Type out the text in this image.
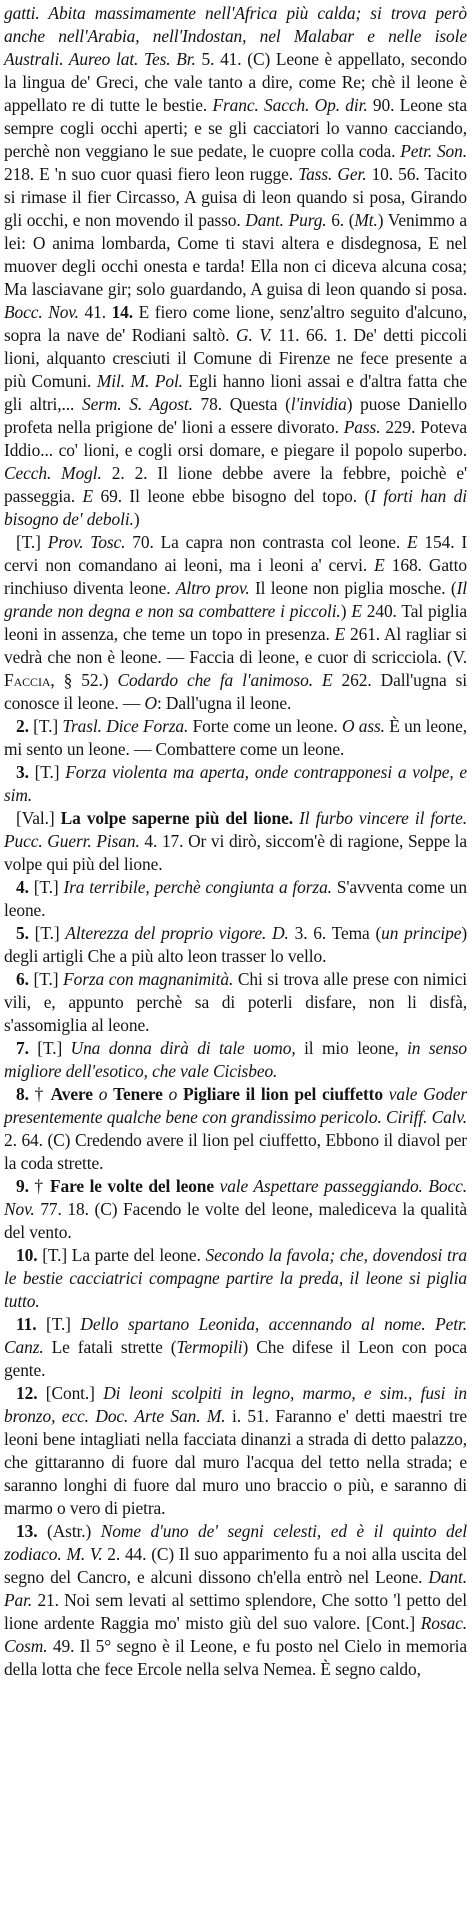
gatti. Abita massimamente nell'Africa più calda; si trova però anche nell'Arabia, nell'Indostan, nel Malabar e nelle isole Australi. Aureo lat. Tes. Br. 5. 41. (C) Leone è appellato, secondo la lingua de' Greci, che vale tanto a dire, come Re; chè il leone è appellato re di tutte le bestie. Franc. Sacch. Op. dir. 90. Leone sta sempre cogli occhi aperti; e se gli cacciatori lo vanno cacciando, perchè non veggiano le sue pedate, le cuopre colla coda. Petr. Son. 218. E 'n suo cuor quasi fiero leon rugge. Tass. Ger. 10. 56. Tacito si rimase il fier Circasso, A guisa di leon quando si posa, Girando gli occhi, e non movendo il passo. Dant. Purg. 6. (Mt.) Venimmo a lei: O anima lombarda, Come ti stavi altera e disdegnosa, E nel muover degli occhi onesta e tarda! Ella non ci diceva alcuna cosa; Ma lasciavane gir; solo guardando, A guisa di leon quando si posa. Bocc. Nov. 41. 14. E fiero come lione, senz'altro seguito d'alcuno, sopra la nave de' Rodiani saltò. G. V. 11. 66. 1. De' detti piccoli lioni, alquanto cresciuti il Comune di Firenze ne fece presente a più Comuni. Mil. M. Pol. Egli hanno lioni assai e d'altra fatta che gli altri,... Serm. S. Agost. 78. Questa (l'invidia) puose Daniello profeta nella prigione de' lioni a essere divorato. Pass. 229. Poteva Iddio... co' lioni, e cogli orsi domare, e piegare il popolo superbo. Cecch. Mogl. 2. 2. Il lione debbe avere la febbre, poichè e' passeggia. E 69. Il leone ebbe bisogno del topo. (I forti han di bisogno de' deboli.)

[T.] Prov. Tosc. 70. La capra non contrasta col leone. E 154. I cervi non comandano ai leoni, ma i leoni a' cervi. E 168. Gatto rinchiuso diventa leone. Altro prov. Il leone non piglia mosche. (Il grande non degna e non sa combattere i piccoli.) E 240. Tal piglia leoni in assenza, che teme un topo in presenza. E 261. Al ragliar si vedrà che non è leone. — Faccia di leone, e cuor di scricciola. (V. Faccia, § 52.) Codardo che fa l'animoso. E 262. Dall'ugna si conosce il leone. — O: Dall'ugna il leone.

2. [T.] Trasl. Dice Forza. Forte come un leone. O ass. È un leone, mi sento un leone. — Combattere come un leone.

3. [T.] Forza violenta ma aperta, onde contrapponesi a volpe, e sim.

[Val.] La volpe saperne più del lione. Il furbo vincere il forte. Pucc. Guerr. Pisan. 4. 17. Or vi dirò, siccom'è di ragione, Seppe la volpe qui più del lione.

4. [T.] Ira terribile, perchè congiunta a forza. S'avventa come un leone.

5. [T.] Alterezza del proprio vigore. D. 3. 6. Tema (un principe) degli artigli Che a più alto leon trasser lo vello.

6. [T.] Forza con magnanimità. Chi si trova alle prese con nimici vili, e, appunto perchè sa di poterli disfare, non li disfà, s'assomiglia al leone.

7. [T.] Una donna dirà di tale uomo, il mio leone, in senso migliore dell'esotico, che vale Cicisbeo.

8. † Avere o Tenere o Pigliare il lion pel ciuffetto vale Goder presentemente qualche bene con grandissimo pericolo. Ciriff. Calv. 2. 64. (C) Credendo avere il lion pel ciuffetto, Ebbono il diavol per la coda strette.

9. † Fare le volte del leone vale Aspettare passeggiando. Bocc. Nov. 77. 18. (C) Facendo le volte del leone, malediceva la qualità del vento.

10. [T.] La parte del leone. Secondo la favola; che, dovendosi tra le bestie cacciatrici compagne partire la preda, il leone si piglia tutto.

11. [T.] Dello spartano Leonida, accennando al nome. Petr. Canz. Le fatali strette (Termopili) Che difese il Leon con poca gente.

12. [Cont.] Di leoni scolpiti in legno, marmo, e sim., fusi in bronzo, ecc. Doc. Arte San. M. i. 51. Faranno e' detti maestri tre leoni bene intagliati nella facciata dinanzi a strada di detto palazzo, che gittaranno di fuore dal muro l'acqua del tetto nella strada; e saranno longhi di fuore dal muro uno braccio o più, e saranno di marmo o vero di pietra.

13. (Astr.) Nome d'uno de' segni celesti, ed è il quinto del zodiaco. M. V. 2. 44. (C) Il suo apparimento fu a noi alla uscita del segno del Cancro, e alcuni dissono ch'ella entrò nel Leone. Dant. Par. 21. Noi sem levati al settimo splendore, Che sotto 'l petto del lione ardente Raggia mo' misto giù del suo valore. [Cont.] Rosac. Cosm. 49. Il 5° segno è il Leone, e fu posto nel Cielo in memoria della lotta che fece Ercole nella selva Nemea. È segno caldo,
